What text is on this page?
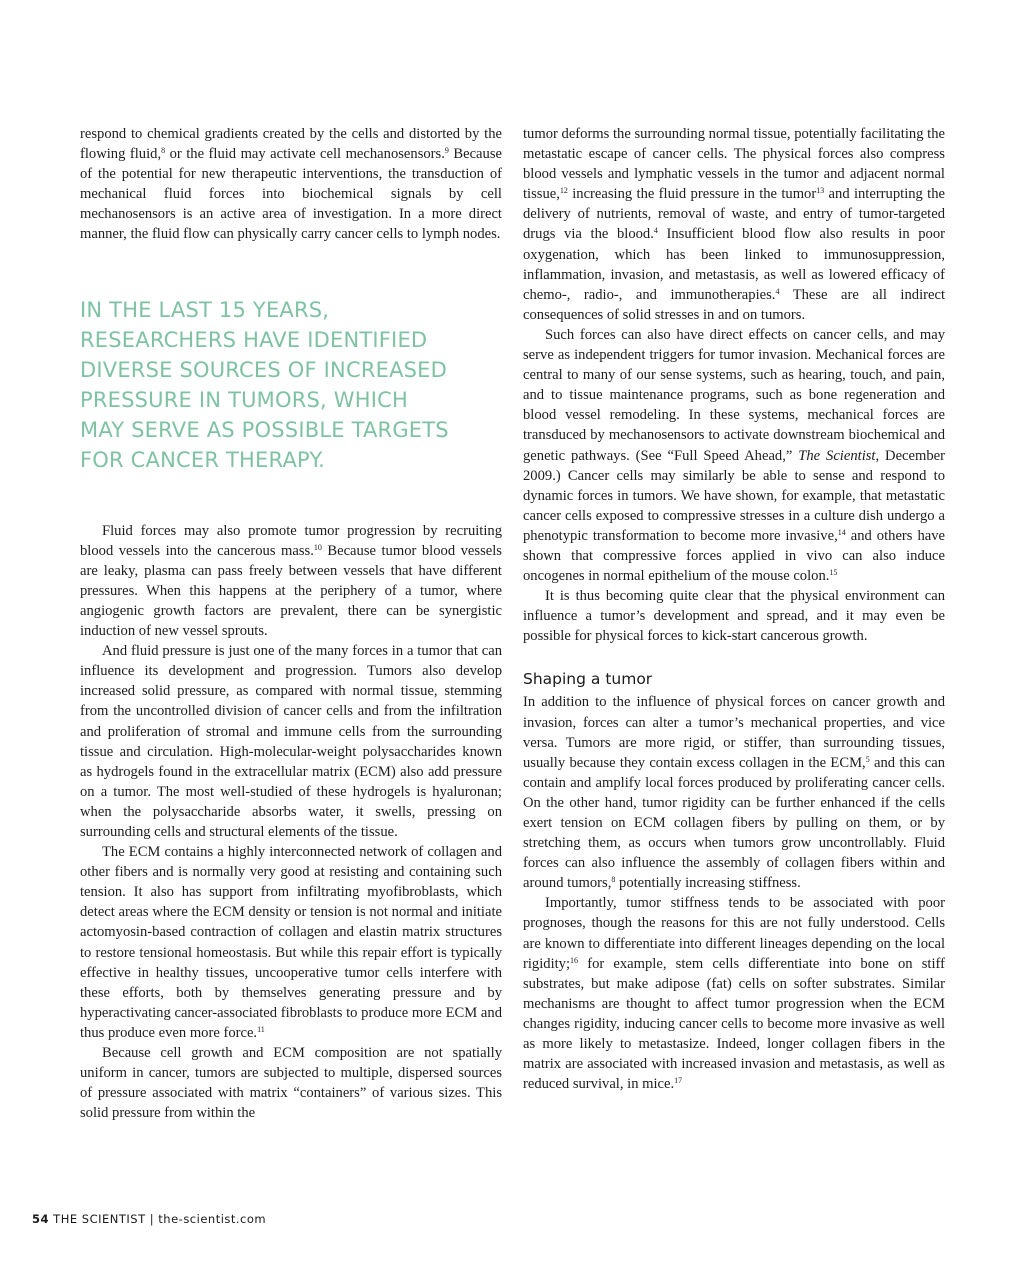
respond to chemical gradients created by the cells and distorted by the flowing fluid,$^8$ or the fluid may activate cell mechanosensors.$^9$ Because of the potential for new therapeutic interventions, the transduction of mechanical fluid forces into biochemical signals by cell mechanosensors is an active area of investigation. In a more direct manner, the fluid flow can physically carry cancer cells to lymph nodes.

IN THE LAST 15 YEARS,
RESEARCHERS HAVE IDENTIFIED
DIVERSE SOURCES OF INCREASED
PRESSURE IN TUMORS, WHICH
MAY SERVE AS POSSIBLE TARGETS
FOR CANCER THERAPY.

Fluid forces may also promote tumor progression by recruiting blood vessels into the cancerous mass.$^{10}$ Because tumor blood vessels are leaky, plasma can pass freely between vessels that have different pressures. When this happens at the periphery of a tumor, where angiogenic growth factors are prevalent, there can be synergistic induction of new vessel sprouts.

And fluid pressure is just one of the many forces in a tumor that can influence its development and progression. Tumors also develop increased solid pressure, as compared with normal tissue, stemming from the uncontrolled division of cancer cells and from the infiltration and proliferation of stromal and immune cells from the surrounding tissue and circulation. High-molecular-weight polysaccharides known as hydrogels found in the extracellular matrix (ECM) also add pressure on a tumor. The most well-studied of these hydrogels is hyaluronan; when the polysaccharide absorbs water, it swells, pressing on surrounding cells and structural elements of the tissue.

The ECM contains a highly interconnected network of collagen and other fibers and is normally very good at resisting and containing such tension. It also has support from infiltrating myofibroblasts, which detect areas where the ECM density or tension is not normal and initiate actomyosin-based contraction of collagen and elastin matrix structures to restore tensional homeostasis. But while this repair effort is typically effective in healthy tissues, uncooperative tumor cells interfere with these efforts, both by themselves generating pressure and by hyperactivating cancer-associated fibroblasts to produce more ECM and thus produce even more force.$^{11}$

Because cell growth and ECM composition are not spatially uniform in cancer, tumors are subjected to multiple, dispersed sources of pressure associated with matrix “containers” of various sizes. This solid pressure from within the

tumor deforms the surrounding normal tissue, potentially facilitating the metastatic escape of cancer cells. The physical forces also compress blood vessels and lymphatic vessels in the tumor and adjacent normal tissue,$^{12}$ increasing the fluid pressure in the tumor$^{13}$ and interrupting the delivery of nutrients, removal of waste, and entry of tumor-targeted drugs via the blood.$^4$ Insufficient blood flow also results in poor oxygenation, which has been linked to immunosuppression, inflammation, invasion, and metastasis, as well as lowered efficacy of chemo-, radio-, and immunotherapies.$^4$ These are all indirect consequences of solid stresses in and on tumors.

Such forces can also have direct effects on cancer cells, and may serve as independent triggers for tumor invasion. Mechanical forces are central to many of our sense systems, such as hearing, touch, and pain, and to tissue maintenance programs, such as bone regeneration and blood vessel remodeling. In these systems, mechanical forces are transduced by mechanosensors to activate downstream biochemical and genetic pathways. (See “Full Speed Ahead,” The Scientist, December 2009.) Cancer cells may similarly be able to sense and respond to dynamic forces in tumors. We have shown, for example, that metastatic cancer cells exposed to compressive stresses in a culture dish undergo a phenotypic transformation to become more invasive,$^{14}$ and others have shown that compressive forces applied in vivo can also induce oncogenes in normal epithelium of the mouse colon.$^{15}$

It is thus becoming quite clear that the physical environment can influence a tumor’s development and spread, and it may even be possible for physical forces to kick-start cancerous growth.

Shaping a tumor

In addition to the influence of physical forces on cancer growth and invasion, forces can alter a tumor’s mechanical properties, and vice versa. Tumors are more rigid, or stiffer, than surrounding tissues, usually because they contain excess collagen in the ECM,$^5$ and this can contain and amplify local forces produced by proliferating cancer cells. On the other hand, tumor rigidity can be further enhanced if the cells exert tension on ECM collagen fibers by pulling on them, or by stretching them, as occurs when tumors grow uncontrollably. Fluid forces can also influence the assembly of collagen fibers within and around tumors,$^8$ potentially increasing stiffness.

Importantly, tumor stiffness tends to be associated with poor prognoses, though the reasons for this are not fully understood. Cells are known to differentiate into different lineages depending on the local rigidity;$^{16}$ for example, stem cells differentiate into bone on stiff substrates, but make adipose (fat) cells on softer substrates. Similar mechanisms are thought to affect tumor progression when the ECM changes rigidity, inducing cancer cells to become more invasive as well as more likely to metastasize. Indeed, longer collagen fibers in the matrix are associated with increased invasion and metastasis, as well as reduced survival, in mice.$^{17}$

54 THE SCIENTIST | the-scientist.com
